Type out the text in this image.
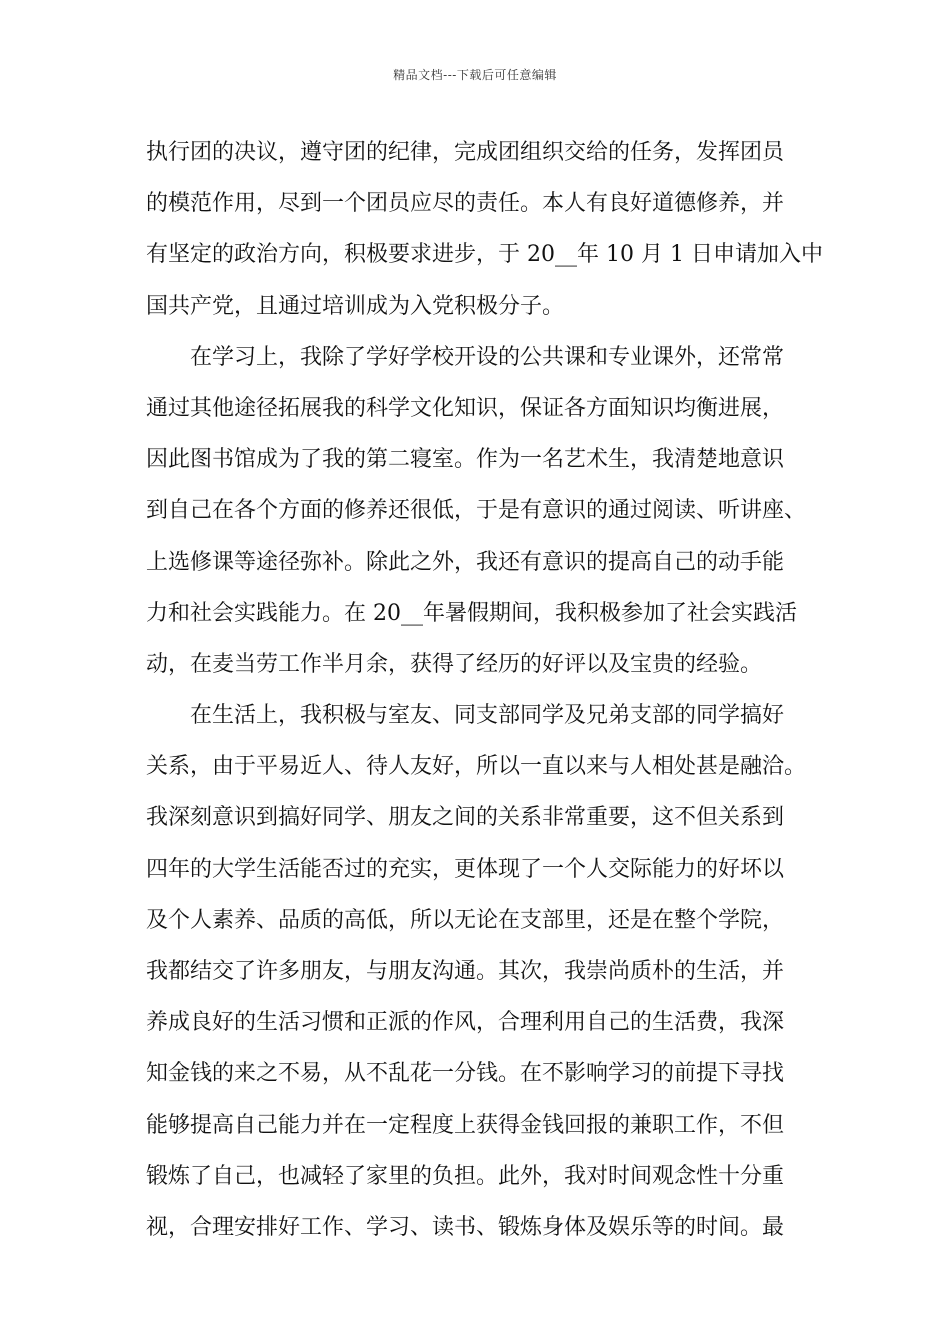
精品文档---下载后可任意编辑
执行团的决议，遵守团的纪律，完成团组织交给的任务，发挥团员
的模范作用，尽到一个团员应尽的责任。本人有良好道德修养，并
有坚定的政治方向，积极要求进步，于 20__年 10 月 1 日申请加入中
国共产党，且通过培训成为入党积极分子。
在学习上，我除了学好学校开设的公共课和专业课外，还常常
通过其他途径拓展我的科学文化知识，保证各方面知识均衡进展，
因此图书馆成为了我的第二寝室。作为一名艺术生，我清楚地意识
到自己在各个方面的修养还很低，于是有意识的通过阅读、听讲座、
上选修课等途径弥补。除此之外，我还有意识的提高自己的动手能
力和社会实践能力。在 20__年暑假期间，我积极参加了社会实践活
动，在麦当劳工作半月余，获得了经历的好评以及宝贵的经验。
在生活上，我积极与室友、同支部同学及兄弟支部的同学搞好
关系，由于平易近人、待人友好，所以一直以来与人相处甚是融洽。
我深刻意识到搞好同学、朋友之间的关系非常重要，这不但关系到
四年的大学生活能否过的充实，更体现了一个人交际能力的好坏以
及个人素养、品质的高低，所以无论在支部里，还是在整个学院，
我都结交了许多朋友，与朋友沟通。其次，我崇尚质朴的生活，并
养成良好的生活习惯和正派的作风，合理利用自己的生活费，我深
知金钱的来之不易，从不乱花一分钱。在不影响学习的前提下寻找
能够提高自己能力并在一定程度上获得金钱回报的兼职工作，不但
锻炼了自己，也减轻了家里的负担。此外，我对时间观念性十分重
视，合理安排好工作、学习、读书、锻炼身体及娱乐等的时间。最
